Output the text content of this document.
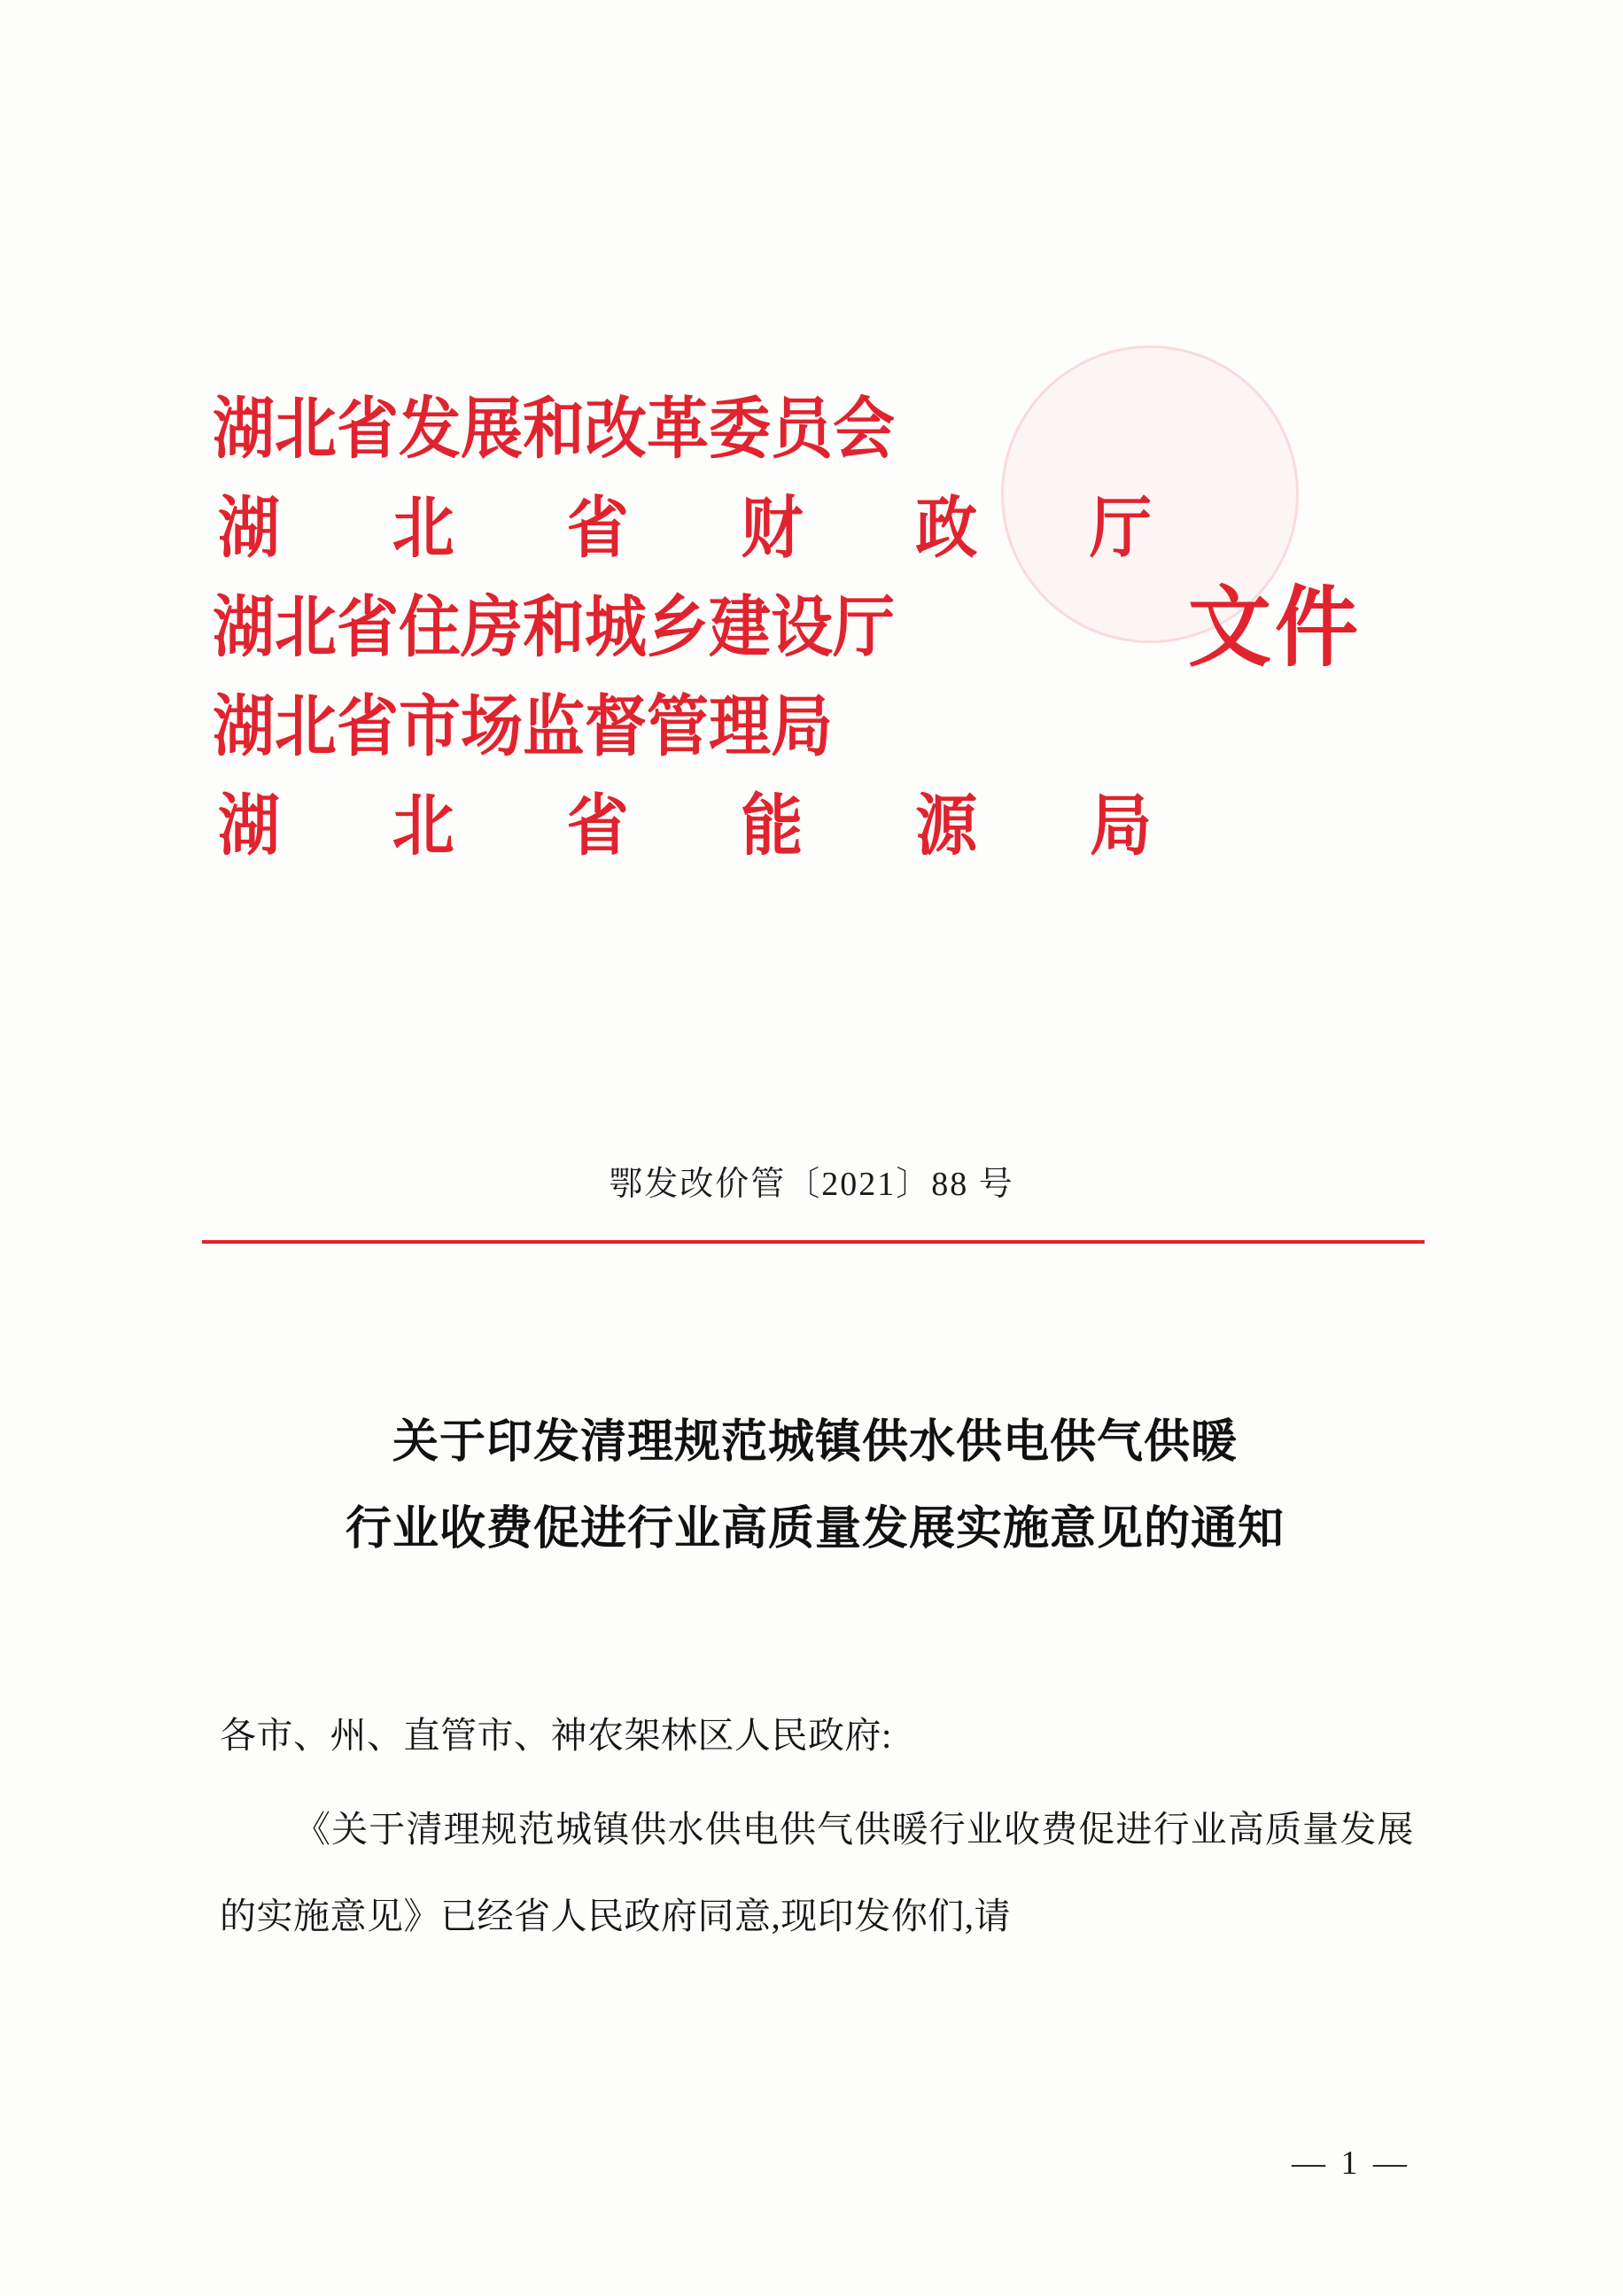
湖北省发展和改革委员会
湖 北 省 财 政 厅
湖北省住房和城乡建设厅
湖北省市场监督管理局
湖 北 省 能 源 局
文件
鄂发改价管〔2021〕88 号
关于印发清理规范城镇供水供电供气供暖
行业收费促进行业高质量发展实施意见的通知

各市、州、直管市、神农架林区人民政府:

《关于清理规范城镇供水供电供气供暖行业收费促进行业高质量发展的实施意见》已经省人民政府同意,现印发你们,请

— 1 —
